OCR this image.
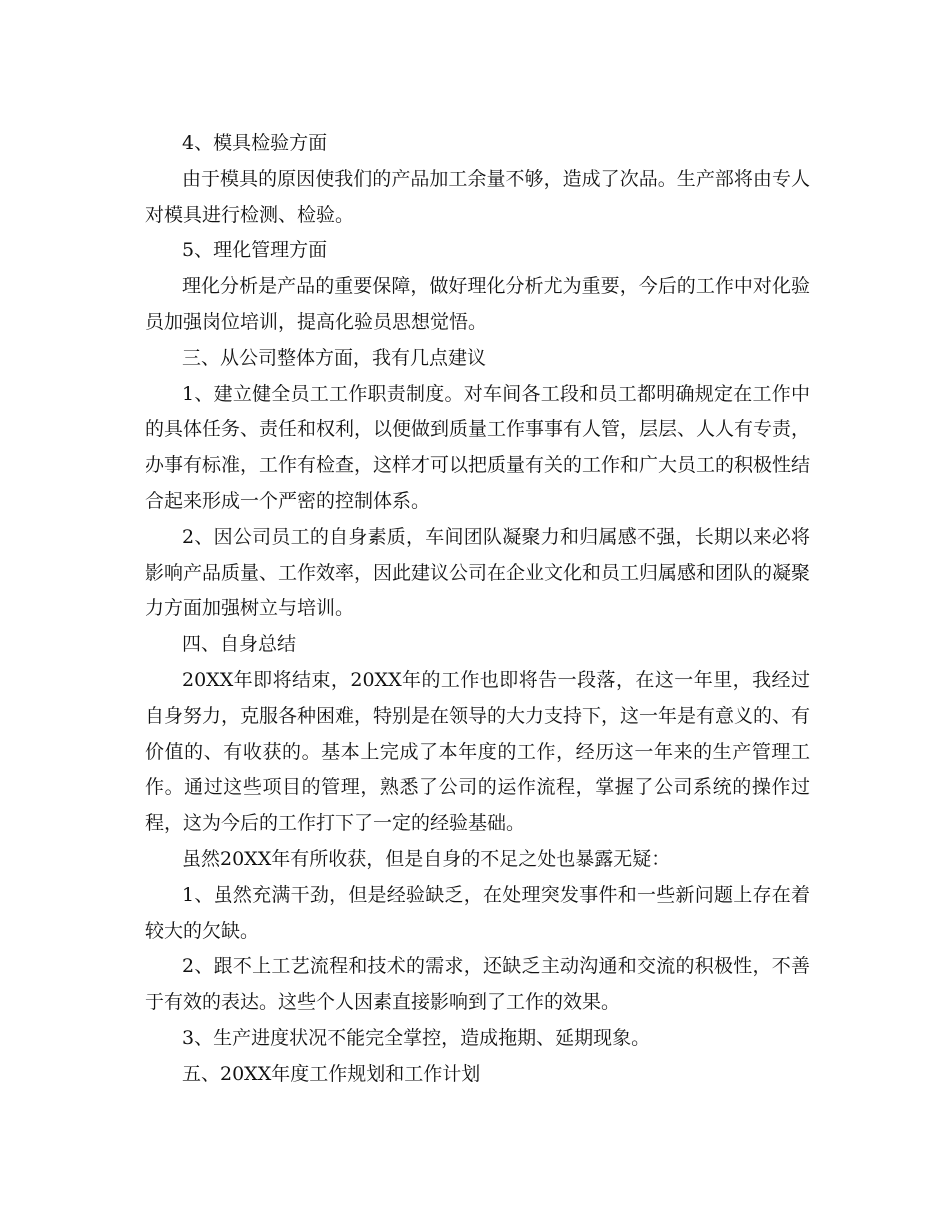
4、模具检验方面

由于模具的原因使我们的产品加工余量不够，造成了次品。生产部将由专人对模具进行检测、检验。

5、理化管理方面

理化分析是产品的重要保障，做好理化分析尤为重要，今后的工作中对化验员加强岗位培训，提高化验员思想觉悟。

三、从公司整体方面，我有几点建议

1、建立健全员工工作职责制度。对车间各工段和员工都明确规定在工作中的具体任务、责任和权利，以便做到质量工作事事有人管，层层、人人有专责，办事有标准，工作有检查，这样才可以把质量有关的工作和广大员工的积极性结合起来形成一个严密的控制体系。

2、因公司员工的自身素质，车间团队凝聚力和归属感不强，长期以来必将影响产品质量、工作效率，因此建议公司在企业文化和员工归属感和团队的凝聚力方面加强树立与培训。

四、自身总结

20XX年即将结束，20XX年的工作也即将告一段落，在这一年里，我经过自身努力，克服各种困难，特别是在领导的大力支持下，这一年是有意义的、有价值的、有收获的。基本上完成了本年度的工作，经历这一年来的生产管理工作。通过这些项目的管理，熟悉了公司的运作流程，掌握了公司系统的操作过程，这为今后的工作打下了一定的经验基础。

虽然20XX年有所收获，但是自身的不足之处也暴露无疑：

1、虽然充满干劲，但是经验缺乏，在处理突发事件和一些新问题上存在着较大的欠缺。

2、跟不上工艺流程和技术的需求，还缺乏主动沟通和交流的积极性，不善于有效的表达。这些个人因素直接影响到了工作的效果。

3、生产进度状况不能完全掌控，造成拖期、延期现象。

五、20XX年度工作规划和工作计划
